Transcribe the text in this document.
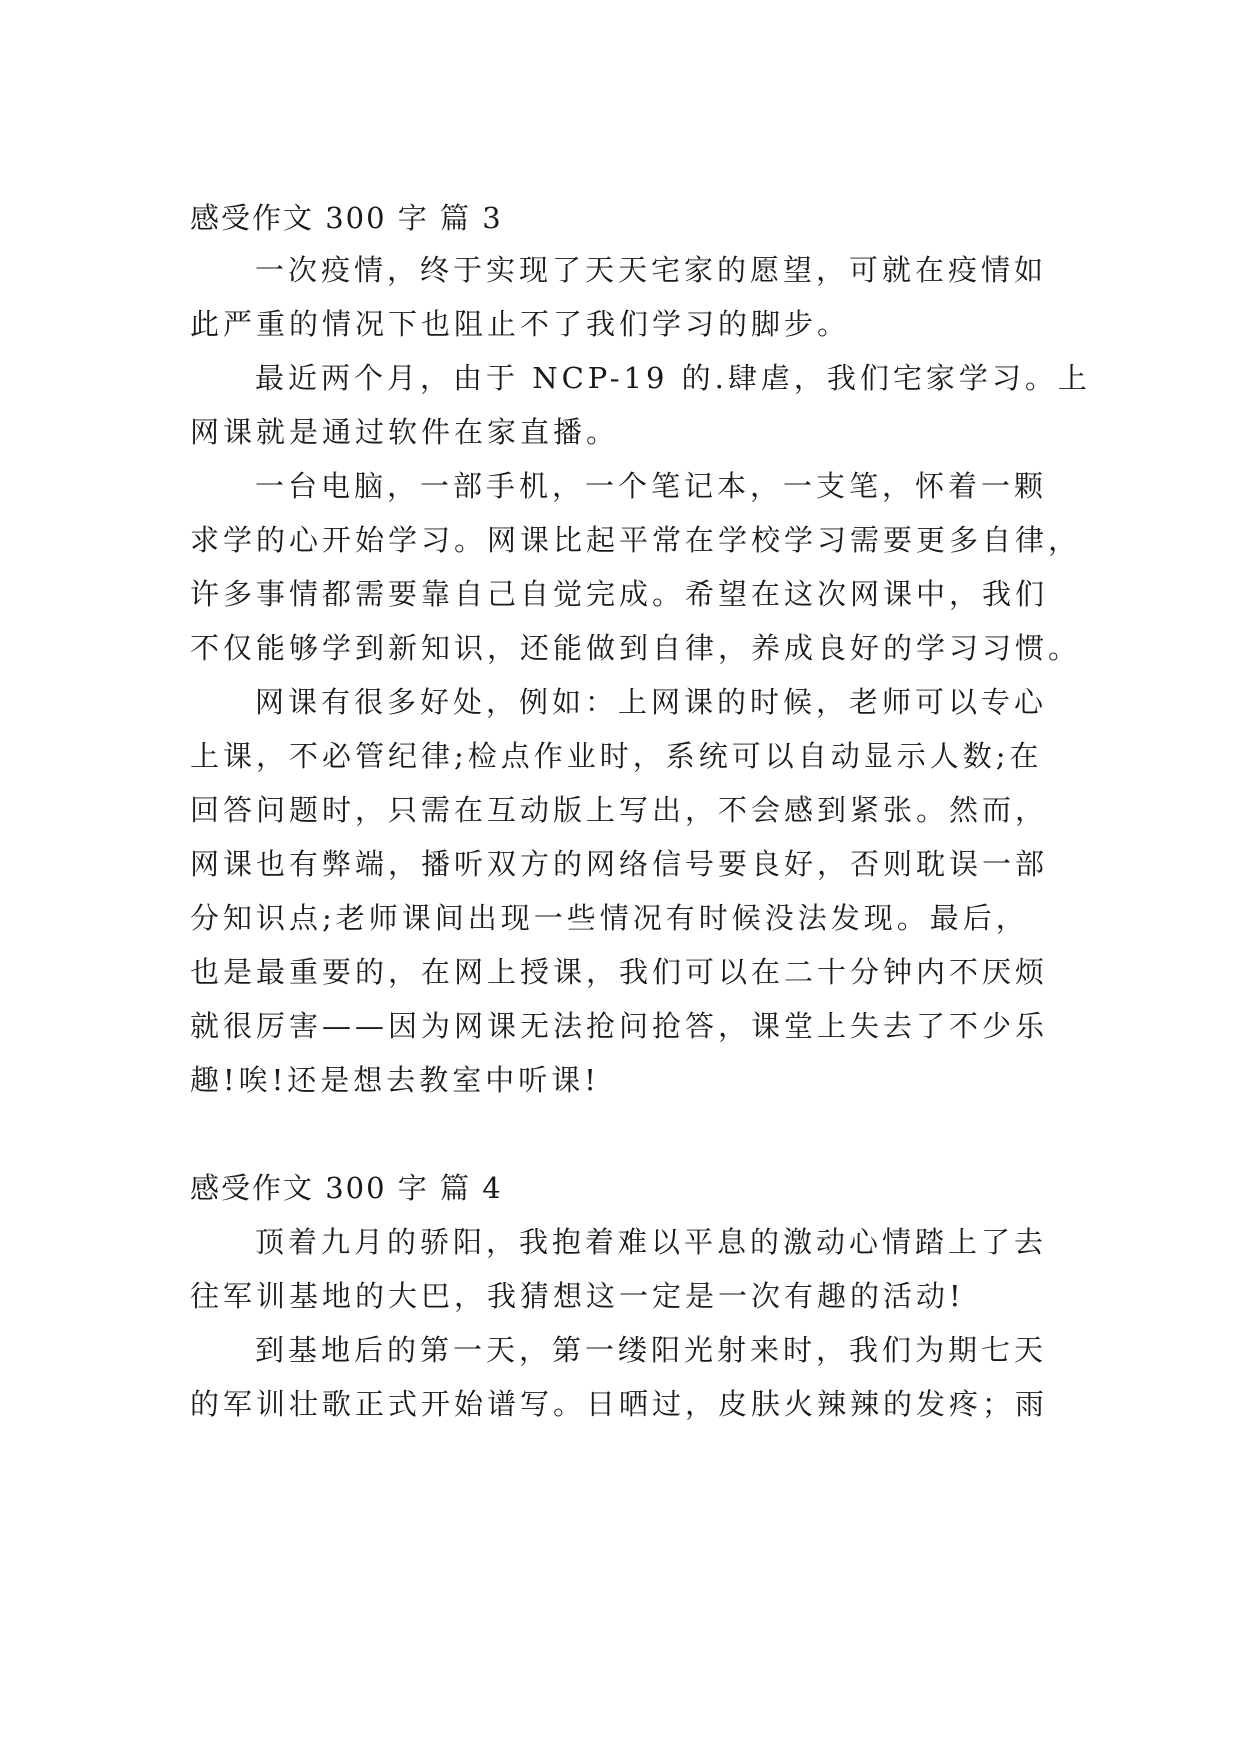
感受作文 300 字 篇 3
一次疫情，终于实现了天天宅家的愿望，可就在疫情如
此严重的情况下也阻止不了我们学习的脚步。
最近两个月，由于 NCP-19 的.肆虐，我们宅家学习。上
网课就是通过软件在家直播。
一台电脑，一部手机，一个笔记本，一支笔，怀着一颗
求学的心开始学习。网课比起平常在学校学习需要更多自律，
许多事情都需要靠自己自觉完成。希望在这次网课中，我们
不仅能够学到新知识，还能做到自律，养成良好的学习习惯。
网课有很多好处，例如：上网课的时候，老师可以专心
上课，不必管纪律;检点作业时，系统可以自动显示人数;在
回答问题时，只需在互动版上写出，不会感到紧张。然而，
网课也有弊端，播听双方的网络信号要良好，否则耽误一部
分知识点;老师课间出现一些情况有时候没法发现。最后，
也是最重要的，在网上授课，我们可以在二十分钟内不厌烦
就很厉害——因为网课无法抢问抢答，课堂上失去了不少乐
趣!唉!还是想去教室中听课!
感受作文 300 字 篇 4
顶着九月的骄阳，我抱着难以平息的激动心情踏上了去
往军训基地的大巴，我猜想这一定是一次有趣的活动!
到基地后的第一天，第一缕阳光射来时，我们为期七天
的军训壮歌正式开始谱写。日晒过，皮肤火辣辣的发疼；雨
